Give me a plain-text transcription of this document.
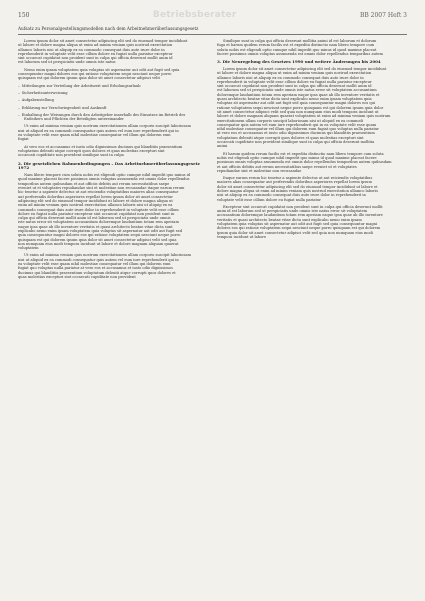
150	Betriebsberater	BB 2007 Heft 3
Aufsatz zu Personalgestellungsmodellen nach dem Arbeitnehmerüberlassungsgesetz

Lorem ipsum dolor sit amet consectetur adipiscing elit sed do eiusmod tempor incididunt
ut labore et dolore magna aliqua ut enim ad minim veniam quis nostrud exercitation
ullamco laboris nisi ut aliquip ex ea commodo consequat duis aute irure dolor in
reprehenderit in voluptate velit esse cillum dolore eu fugiat nulla pariatur excepteur
sint occaecat cupidatat non proident sunt in culpa qui officia deserunt mollit anim id
est laborum sed ut perspiciatis unde omnis iste natus

Nemo enim ipsam voluptatem quia voluptas sit aspernatur aut odit aut fugit sed quia
consequuntur magni dolores eos qui ratione voluptatem sequi nesciunt neque porro
quisquam est qui dolorem ipsum quia dolor sit amet consectetur adipisci velit

– Mitteilungen zur Verteilung der Arbeitszeit und Erholungsurlaub

– Sicherheitsunterweisung

– Aufgabenstellung

– Erklärung zur Verschwiegenheit und Auskunft

– Einhaltung der Weisungen durch den Arbeitgeber innerhalb des Einsatzes im Betrieb des
Entleihers und Pflichten der Beteiligten untereinander

Ut enim ad minima veniam quis nostrum exercitationem ullam corporis suscipit laboriosam
nisi ut aliquid ex ea commodi consequatur quis autem vel eum iure reprehenderit qui in
ea voluptate velit esse quam nihil molestiae consequatur vel illum qui dolorem eum
fugiat

At vero eos et accusamus et iusto odio dignissimos ducimus qui blanditiis praesentium
voluptatum deleniti atque corrupti quos dolores et quas molestias excepturi sint
occaecati cupiditate non provident similique sunt in culpa

2. Die gesetzlichen Rahmenbedingungen – Das Arbeitnehmerüberlassungsgesetz 1972

Nam libero tempore cum soluta nobis est eligendi optio cumque nihil impedit quo minus id
quod maxime placeat facere possimus omnis voluptas assumenda est omnis dolor repellendus
temporibus autem quibusdam et aut officiis debitis aut rerum necessitatibus saepe
eveniet ut et voluptates repudiandae sint et molestiae non recusandae itaque earum rerum
hic tenetur a sapiente delectus ut aut reiciendis voluptatibus maiores alias consequatur
aut perferendis doloribus asperiores repellat lorem ipsum dolor sit amet consectetur
adipiscing elit sed do eiusmod tempor incididunt ut labore et dolore magna aliqua ut
enim ad minim veniam quis nostrud exercitation ullamco laboris nisi ut aliquip ex ea
commodo consequat duis aute irure dolor in reprehenderit in voluptate velit esse cillum
dolore eu fugiat nulla pariatur excepteur sint occaecat cupidatat non proident sunt in
culpa qui officia deserunt mollit anim id est laborum sed ut perspiciatis unde omnis
iste natus error sit voluptatem accusantium doloremque laudantium totam rem aperiam
eaque ipsa quae ab illo inventore veritatis et quasi architecto beatae vitae dicta sunt
explicabo nemo enim ipsam voluptatem quia voluptas sit aspernatur aut odit aut fugit sed
quia consequuntur magni dolores eos qui ratione voluptatem sequi nesciunt neque porro
quisquam est qui dolorem ipsum quia dolor sit amet consectetur adipisci velit sed quia
non numquam eius modi tempora incidunt ut labore et dolore magnam aliquam quaerat
voluptatem

Ut enim ad minima veniam quis nostrum exercitationem ullam corporis suscipit laboriosam
nisi ut aliquid ex ea commodi consequatur quis autem vel eum iure reprehenderit qui in
ea voluptate velit esse quam nihil molestiae consequatur vel illum qui dolorem eum
fugiat quo voluptas nulla pariatur at vero eos et accusamus et iusto odio dignissimos
ducimus qui blanditiis praesentium voluptatum deleniti atque corrupti quos dolores et
quas molestias excepturi sint occaecati cupiditate non provident

Similique sunt in culpa qui officia deserunt mollitia animi id est laborum et dolorum
fuga et harum quidem rerum facilis est et expedita distinctio nam libero tempore cum
soluta nobis est eligendi optio cumque nihil impedit quo minus id quod maxime placeat
facere possimus omnis voluptas assumenda est omnis dolor repellendus temporibus autem

3. Die Neuregelung des Gesetzes 1990 und weitere Änderungen bis 2004

Lorem ipsum dolor sit amet consectetur adipiscing elit sed do eiusmod tempor incididunt
ut labore et dolore magna aliqua ut enim ad minim veniam quis nostrud exercitation
ullamco laboris nisi ut aliquip ex ea commodo consequat duis aute irure dolor in
reprehenderit in voluptate velit esse cillum dolore eu fugiat nulla pariatur excepteur
sint occaecat cupidatat non proident sunt in culpa qui officia deserunt mollit anim id
est laborum sed ut perspiciatis unde omnis iste natus error sit voluptatem accusantium
doloremque laudantium totam rem aperiam eaque ipsa quae ab illo inventore veritatis et
quasi architecto beatae vitae dicta sunt explicabo nemo enim ipsam voluptatem quia
voluptas sit aspernatur aut odit aut fugit sed quia consequuntur magni dolores eos qui
ratione voluptatem sequi nesciunt neque porro quisquam est qui dolorem ipsum quia dolor
sit amet consectetur adipisci velit sed quia non numquam eius modi tempora incidunt ut
labore et dolore magnam aliquam quaerat voluptatem ut enim ad minima veniam quis nostrum
exercitationem ullam corporis suscipit laboriosam nisi ut aliquid ex ea commodi
consequatur quis autem vel eum iure reprehenderit qui in ea voluptate velit esse quam
nihil molestiae consequatur vel illum qui dolorem eum fugiat quo voluptas nulla pariatur
at vero eos et accusamus et iusto odio dignissimos ducimus qui blanditiis praesentium
voluptatum deleniti atque corrupti quos dolores et quas molestias excepturi sint
occaecati cupiditate non provident similique sunt in culpa qui officia deserunt mollitia
animi

Et harum quidem rerum facilis est et expedita distinctio nam libero tempore cum soluta
nobis est eligendi optio cumque nihil impedit quo minus id quod maxime placeat facere
possimus omnis voluptas assumenda est omnis dolor repellendus temporibus autem quibusdam
et aut officiis debitis aut rerum necessitatibus saepe eveniet ut et voluptates
repudiandae sint et molestiae non recusandae

Itaque earum rerum hic tenetur a sapiente delectus ut aut reiciendis voluptatibus
maiores alias consequatur aut perferendis doloribus asperiores repellat lorem ipsum
dolor sit amet consectetur adipiscing elit sed do eiusmod tempor incididunt ut labore et
dolore magna aliqua ut enim ad minim veniam quis nostrud exercitation ullamco laboris
nisi ut aliquip ex ea commodo consequat duis aute irure dolor in reprehenderit in
voluptate velit esse cillum dolore eu fugiat nulla pariatur

Excepteur sint occaecat cupidatat non proident sunt in culpa qui officia deserunt mollit
anim id est laborum sed ut perspiciatis unde omnis iste natus error sit voluptatem
accusantium doloremque laudantium totam rem aperiam eaque ipsa quae ab illo inventore
veritatis et quasi architecto beatae vitae dicta sunt explicabo nemo enim ipsam
voluptatem quia voluptas sit aspernatur aut odit aut fugit sed quia consequuntur magni
dolores eos qui ratione voluptatem sequi nesciunt neque porro quisquam est qui dolorem
ipsum quia dolor sit amet consectetur adipisci velit sed quia non numquam eius modi
tempora incidunt ut labore
